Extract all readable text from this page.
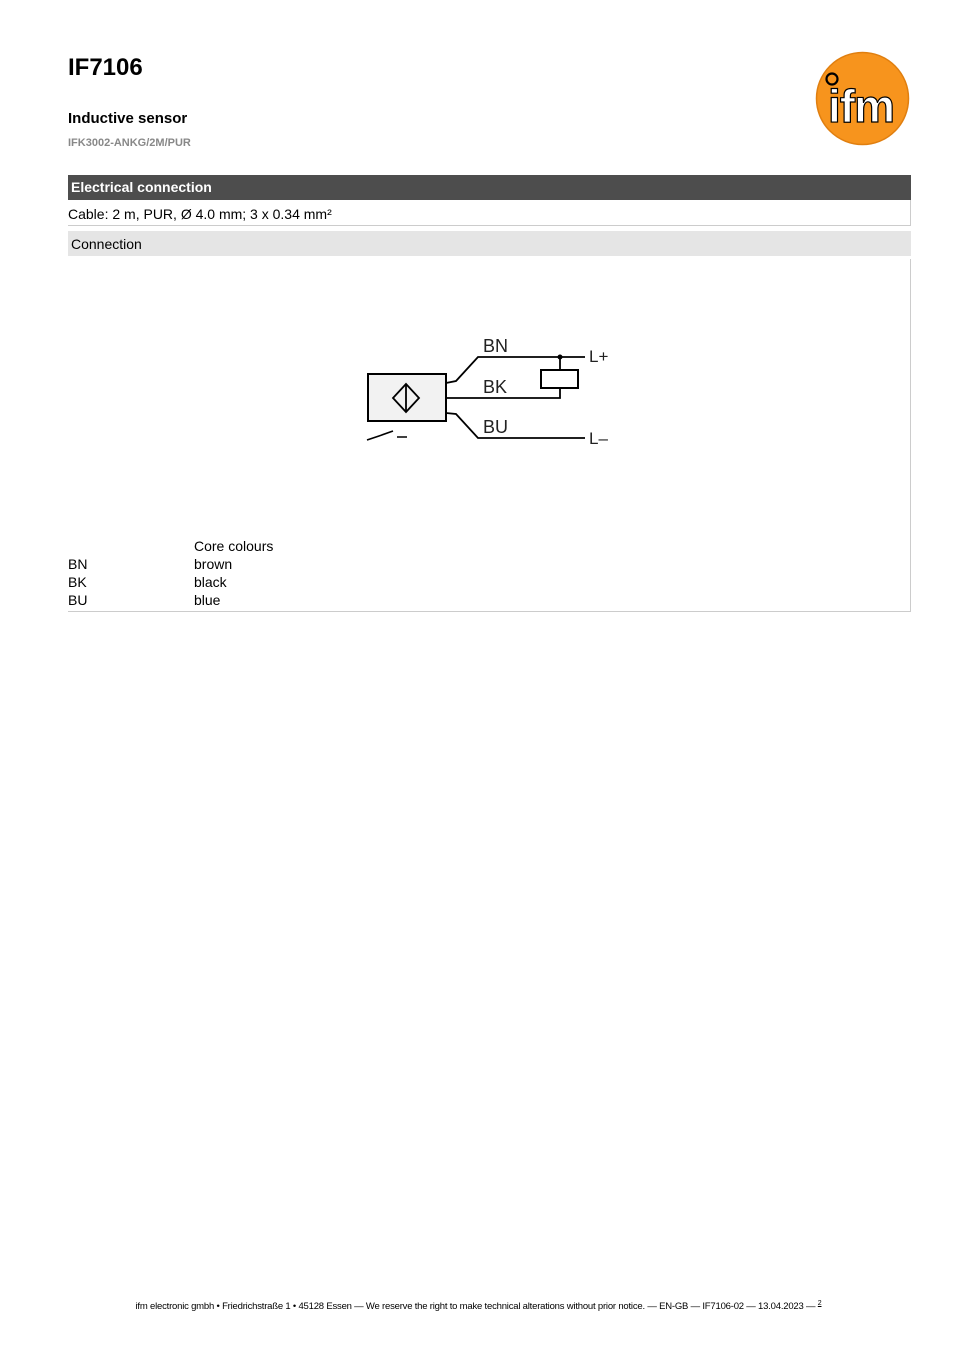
IF7106
Inductive sensor
IFK3002-ANKG/2M/PUR
ifm
Electrical connection
Cable: 2 m, PUR, Ø 4.0 mm; 3 x 0.34 mm²
Connection
BN
BK
BU
L+
L–
Core colours
BN	brown
BK	black
BU	blue
ifm electronic gmbh • Friedrichstraße 1 • 45128 Essen — We reserve the right to make technical alterations without prior notice. — EN-GB — IF7106-02 — 13.04.2023 — $^2$
